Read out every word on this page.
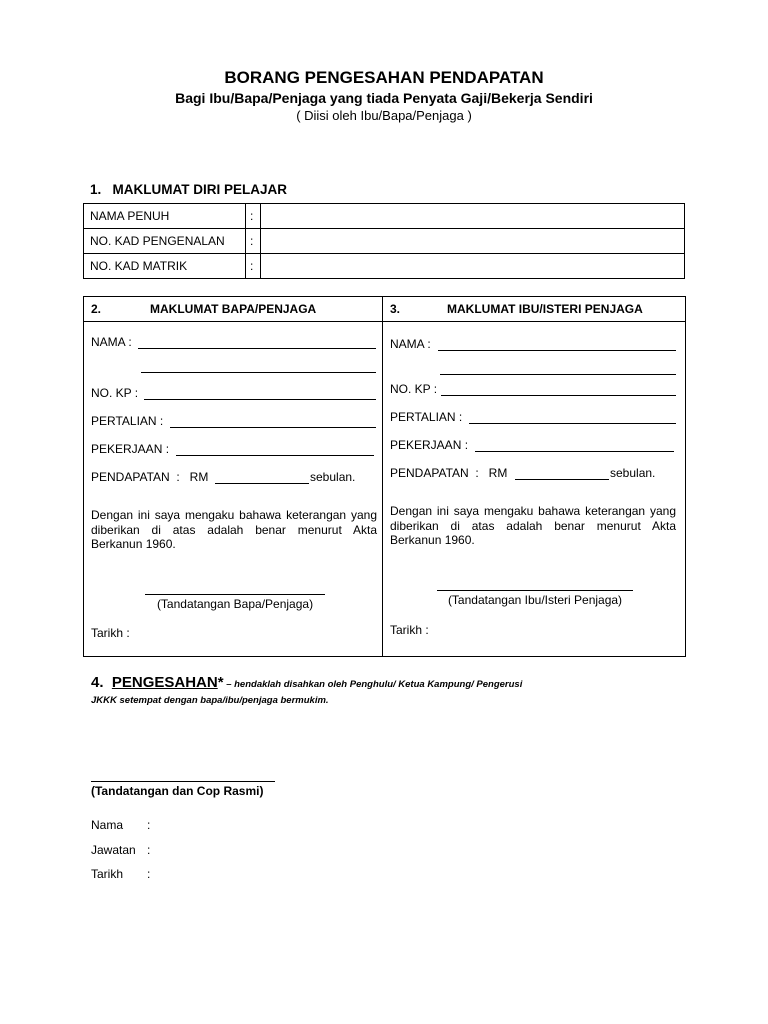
BORANG PENGESAHAN PENDAPATAN
Bagi Ibu/Bapa/Penjaga yang tiada Penyata Gaji/Bekerja Sendiri
( Diisi oleh Ibu/Bapa/Penjaga )
1.   MAKLUMAT DIRI PELAJAR
NAMA PENUH	:	
NO. KAD PENGENALAN	:	
NO. KAD MATRIK	:	
2.	MAKLUMAT BAPA/PENJAGA
NAMA :
NO. KP :
PERTALIAN :
PEKERJAAN :
PENDAPATAN  :   RM	sebulan.
Dengan ini saya mengaku bahawa keterangan yang diberikan di atas adalah benar menurut Akta Berkanun 1960.
(Tandatangan Bapa/Penjaga)
Tarikh :
3.	MAKLUMAT IBU/ISTERI PENJAGA
NAMA :
NO. KP :
PERTALIAN :
PEKERJAAN :
PENDAPATAN  :   RM	sebulan.
Dengan ini saya mengaku bahawa keterangan yang diberikan di atas adalah benar menurut Akta Berkanun 1960.
(Tandatangan Ibu/Isteri Penjaga)
Tarikh :
4. PENGESAHAN* – hendaklah disahkan oleh Penghulu/ Ketua Kampung/ Pengerusi
JKKK setempat dengan bapa/ibu/penjaga bermukim.
(Tandatangan dan Cop Rasmi)
Nama :
Jawatan :
Tarikh :
